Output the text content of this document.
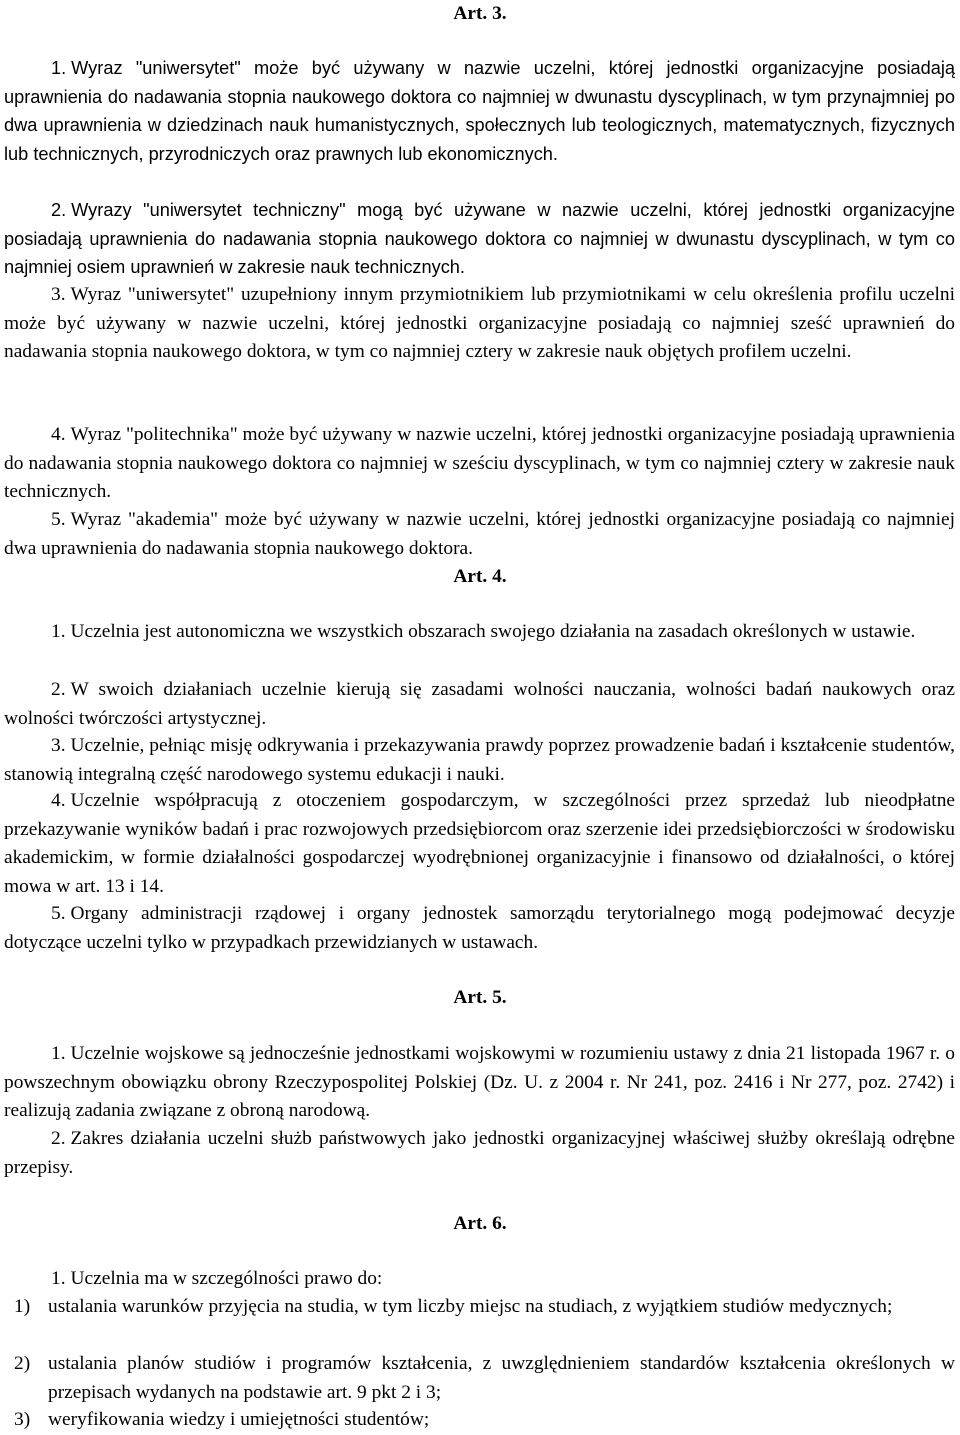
Art. 3.
1. Wyraz "uniwersytet" może być używany w nazwie uczelni, której jednostki organizacyjne posiadają uprawnienia do nadawania stopnia naukowego doktora co najmniej w dwunastu dyscyplinach, w tym przynajmniej po dwa uprawnienia w dziedzinach nauk humanistycznych, społecznych lub teologicznych, matematycznych, fizycznych lub technicznych, przyrodniczych oraz prawnych lub ekonomicznych.
2. Wyrazy "uniwersytet techniczny" mogą być używane w nazwie uczelni, której jednostki organizacyjne posiadają uprawnienia do nadawania stopnia naukowego doktora co najmniej w dwunastu dyscyplinach, w tym co najmniej osiem uprawnień w zakresie nauk technicznych.
3. Wyraz "uniwersytet" uzupełniony innym przymiotnikiem lub przymiotnikami w celu określenia profilu uczelni może być używany w nazwie uczelni, której jednostki organizacyjne posiadają co najmniej sześć uprawnień do nadawania stopnia naukowego doktora, w tym co najmniej cztery w zakresie nauk objętych profilem uczelni.
4. Wyraz "politechnika" może być używany w nazwie uczelni, której jednostki organizacyjne posiadają uprawnienia do nadawania stopnia naukowego doktora co najmniej w sześciu dyscyplinach, w tym co najmniej cztery w zakresie nauk technicznych.
5. Wyraz "akademia" może być używany w nazwie uczelni, której jednostki organizacyjne posiadają co najmniej dwa uprawnienia do nadawania stopnia naukowego doktora.
Art. 4.
1. Uczelnia jest autonomiczna we wszystkich obszarach swojego działania na zasadach określonych w ustawie.
2. W swoich działaniach uczelnie kierują się zasadami wolności nauczania, wolności badań naukowych oraz wolności twórczości artystycznej.
3. Uczelnie, pełniąc misję odkrywania i przekazywania prawdy poprzez prowadzenie badań i kształcenie studentów, stanowią integralną część narodowego systemu edukacji i nauki.
4. Uczelnie współpracują z otoczeniem gospodarczym, w szczególności przez sprzedaż lub nieodpłatne przekazywanie wyników badań i prac rozwojowych przedsiębiorcom oraz szerzenie idei przedsiębiorczości w środowisku akademickim, w formie działalności gospodarczej wyodrębnionej organizacyjnie i finansowo od działalności, o której mowa w art. 13 i 14.
5. Organy administracji rządowej i organy jednostek samorządu terytorialnego mogą podejmować decyzje dotyczące uczelni tylko w przypadkach przewidzianych w ustawach.
Art. 5.
1. Uczelnie wojskowe są jednocześnie jednostkami wojskowymi w rozumieniu ustawy z dnia 21 listopada 1967 r. o powszechnym obowiązku obrony Rzeczypospolitej Polskiej (Dz. U. z 2004 r. Nr 241, poz. 2416 i Nr 277, poz. 2742) i realizują zadania związane z obroną narodową.
2. Zakres działania uczelni służb państwowych jako jednostki organizacyjnej właściwej służby określają odrębne przepisy.
Art. 6.
1. Uczelnia ma w szczególności prawo do:
1) ustalania warunków przyjęcia na studia, w tym liczby miejsc na studiach, z wyjątkiem studiów medycznych;
2) ustalania planów studiów i programów kształcenia, z uwzględnieniem standardów kształcenia określonych w przepisach wydanych na podstawie art. 9 pkt 2 i 3;
3) weryfikowania wiedzy i umiejętności studentów;
